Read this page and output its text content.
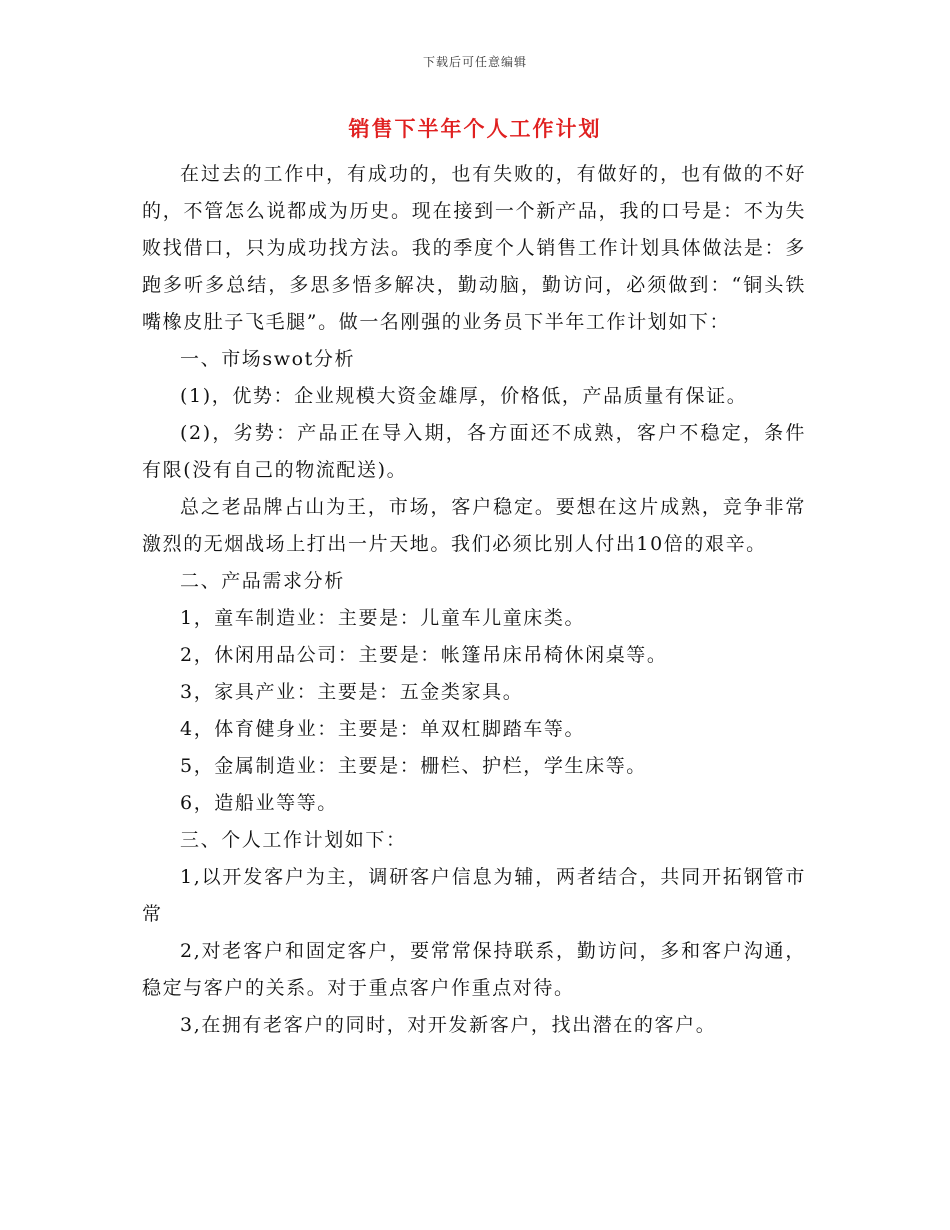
下载后可任意编辑
销售下半年个人工作计划

在过去的工作中，有成功的，也有失败的，有做好的，也有做的不好的，不管怎么说都成为历史。现在接到一个新产品，我的口号是：不为失败找借口，只为成功找方法。我的季度个人销售工作计划具体做法是：多跑多听多总结，多思多悟多解决，勤动脑，勤访问，必须做到：“铜头铁嘴橡皮肚子飞毛腿”。做一名刚强的业务员下半年工作计划如下：

一、市场swot分析

(1)，优势：企业规模大资金雄厚，价格低，产品质量有保证。

(2)，劣势：产品正在导入期，各方面还不成熟，客户不稳定，条件有限(没有自己的物流配送)。

总之老品牌占山为王，市场，客户稳定。要想在这片成熟，竞争非常激烈的无烟战场上打出一片天地。我们必须比别人付出10倍的艰辛。

二、产品需求分析

1，童车制造业：主要是：儿童车儿童床类。

2，休闲用品公司：主要是：帐篷吊床吊椅休闲桌等。

3，家具产业：主要是：五金类家具。

4，体育健身业：主要是：单双杠脚踏车等。

5，金属制造业：主要是：栅栏、护栏，学生床等。

6，造船业等等。

三、个人工作计划如下：

1,以开发客户为主，调研客户信息为辅，两者结合，共同开拓钢管市常

2,对老客户和固定客户，要常常保持联系，勤访问，多和客户沟通，稳定与客户的关系。对于重点客户作重点对待。

3,在拥有老客户的同时，对开发新客户，找出潜在的客户。
